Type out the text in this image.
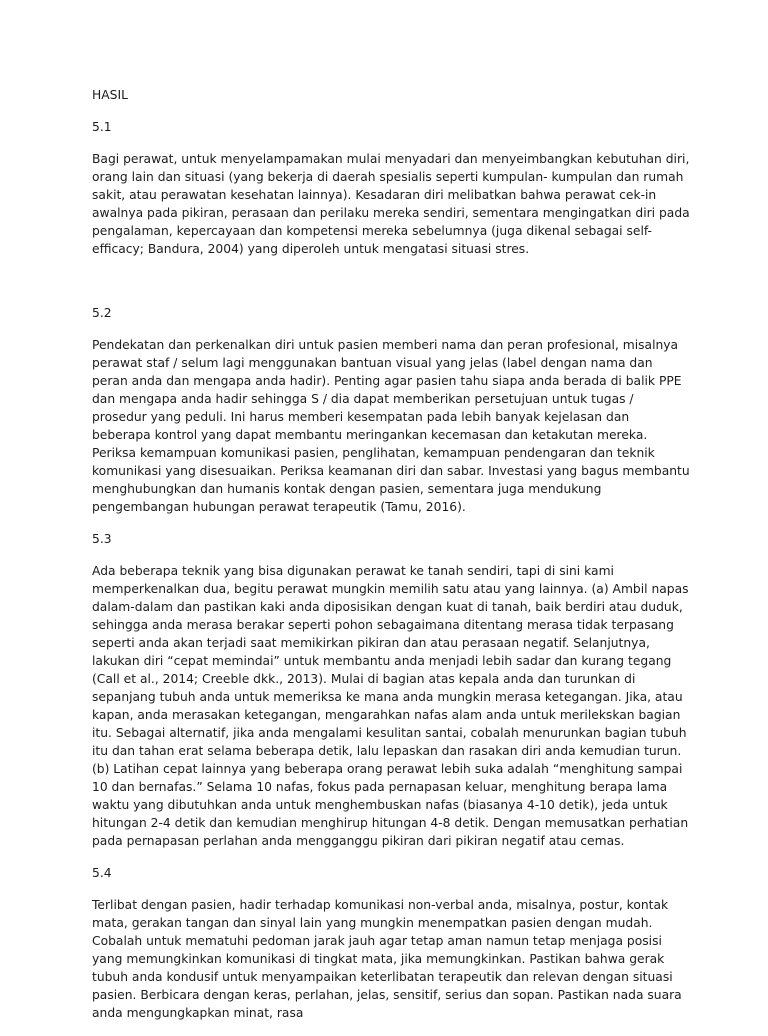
HASIL

5.1

Bagi perawat, untuk menyelampamakan mulai menyadari dan menyeimbangkan kebutuhan diri, orang lain dan situasi (yang bekerja di daerah spesialis seperti kumpulan- kumpulan dan rumah sakit, atau perawatan kesehatan lainnya). Kesadaran diri melibatkan bahwa perawat cek-in awalnya pada pikiran, perasaan dan perilaku mereka sendiri, sementara mengingatkan diri pada pengalaman, kepercayaan dan kompetensi mereka sebelumnya (juga dikenal sebagai self-efficacy; Bandura, 2004) yang diperoleh untuk mengatasi situasi stres.

5.2

Pendekatan dan perkenalkan diri untuk pasien memberi nama dan peran profesional, misalnya perawat staf / selum lagi menggunakan bantuan visual yang jelas (label dengan nama dan peran anda dan mengapa anda hadir). Penting agar pasien tahu siapa anda berada di balik PPE dan mengapa anda hadir sehingga S / dia dapat memberikan persetujuan untuk tugas / prosedur yang peduli. Ini harus memberi kesempatan pada lebih banyak kejelasan dan beberapa kontrol yang dapat membantu meringankan kecemasan dan ketakutan mereka. Periksa kemampuan komunikasi pasien, penglihatan, kemampuan pendengaran dan teknik komunikasi yang disesuaikan. Periksa keamanan diri dan sabar. Investasi yang bagus membantu menghubungkan dan humanis kontak dengan pasien, sementara juga mendukung pengembangan hubungan perawat terapeutik (Tamu, 2016).

5.3

Ada beberapa teknik yang bisa digunakan perawat ke tanah sendiri, tapi di sini kami memperkenalkan dua, begitu perawat mungkin memilih satu atau yang lainnya. (a) Ambil napas dalam-dalam dan pastikan kaki anda diposisikan dengan kuat di tanah, baik berdiri atau duduk, sehingga anda merasa berakar seperti pohon sebagaimana ditentang merasa tidak terpasang seperti anda akan terjadi saat memikirkan pikiran dan atau perasaan negatif. Selanjutnya, lakukan diri “cepat memindai” untuk membantu anda menjadi lebih sadar dan kurang tegang (Call et al., 2014; Creeble dkk., 2013). Mulai di bagian atas kepala anda dan turunkan di sepanjang tubuh anda untuk memeriksa ke mana anda mungkin merasa ketegangan. Jika, atau kapan, anda merasakan ketegangan, mengarahkan nafas alam anda untuk merilekskan bagian itu. Sebagai alternatif, jika anda mengalami kesulitan santai, cobalah menurunkan bagian tubuh itu dan tahan erat selama beberapa detik, lalu lepaskan dan rasakan diri anda kemudian turun. (b) Latihan cepat lainnya yang beberapa orang perawat lebih suka adalah “menghitung sampai 10 dan bernafas.” Selama 10 nafas, fokus pada pernapasan keluar, menghitung berapa lama waktu yang dibutuhkan anda untuk menghembuskan nafas (biasanya 4-10 detik), jeda untuk hitungan 2-4 detik dan kemudian menghirup hitungan 4-8 detik. Dengan memusatkan perhatian pada pernapasan perlahan anda mengganggu pikiran dari pikiran negatif atau cemas.

5.4

Terlibat dengan pasien, hadir terhadap komunikasi non-verbal anda, misalnya, postur, kontak mata, gerakan tangan dan sinyal lain yang mungkin menempatkan pasien dengan mudah. Cobalah untuk mematuhi pedoman jarak jauh agar tetap aman namun tetap menjaga posisi yang memungkinkan komunikasi di tingkat mata, jika memungkinkan. Pastikan bahwa gerak tubuh anda kondusif untuk menyampaikan keterlibatan terapeutik dan relevan dengan situasi pasien. Berbicara dengan keras, perlahan, jelas, sensitif, serius dan sopan. Pastikan nada suara anda mengungkapkan minat, rasa
